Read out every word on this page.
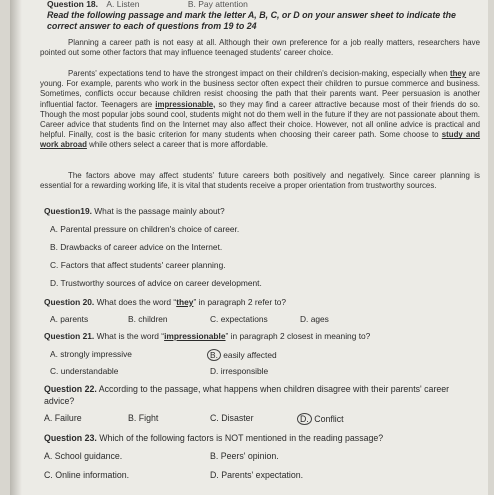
Question 18. A. Listen	B. Pay attention
Read the following passage and mark the letter A, B, C, or D on your answer sheet to indicate the correct answer to each of questions from 19 to 24
Planning a career path is not easy at all. Although their own preference for a job really matters, researchers have pointed out some other factors that may influence teenaged students' career choice.
Parents' expectations tend to have the strongest impact on their children's decision-making, especially when they are young. For example, parents who work in the business sector often expect their children to pursue commerce and business. Sometimes, conflicts occur because children resist choosing the path that their parents want. Peer persuasion is another influential factor. Teenagers are impressionable, so they may find a career attractive because most of their friends do so. Though the most popular jobs sound cool, students might not do them well in the future if they are not passionate about them. Career advice that students find on the Internet may also affect their choice. However, not all online advice is practical and helpful. Finally, cost is the basic criterion for many students when choosing their career path. Some choose to study and work abroad while others select a career that is more affordable.
The factors above may affect students' future careers both positively and negatively. Since career planning is essential for a rewarding working life, it is vital that students receive a proper orientation from trustworthy sources.
Question19. What is the passage mainly about?
A. Parental pressure on children's choice of career.
B. Drawbacks of career advice on the Internet.
C. Factors that affect students' career planning.
D. Trustworthy sources of advice on career development.
Question 20. What does the word “they” in paragraph 2 refer to?
A. parents	B. children	C. expectations	D. ages
Question 21. What is the word “impressionable” in paragraph 2 closest in meaning to?
A. strongly impressive	B. easily affected
C. understandable	D. irresponsible
Question 22. According to the passage, what happens when children disagree with their parents' career advice?
A. Failure	B. Fight	C. Disaster	D. Conflict
Question 23. Which of the following factors is NOT mentioned in the reading passage?
A. School guidance.	B. Peers' opinion.
C. Online information.	D. Parents' expectation.
